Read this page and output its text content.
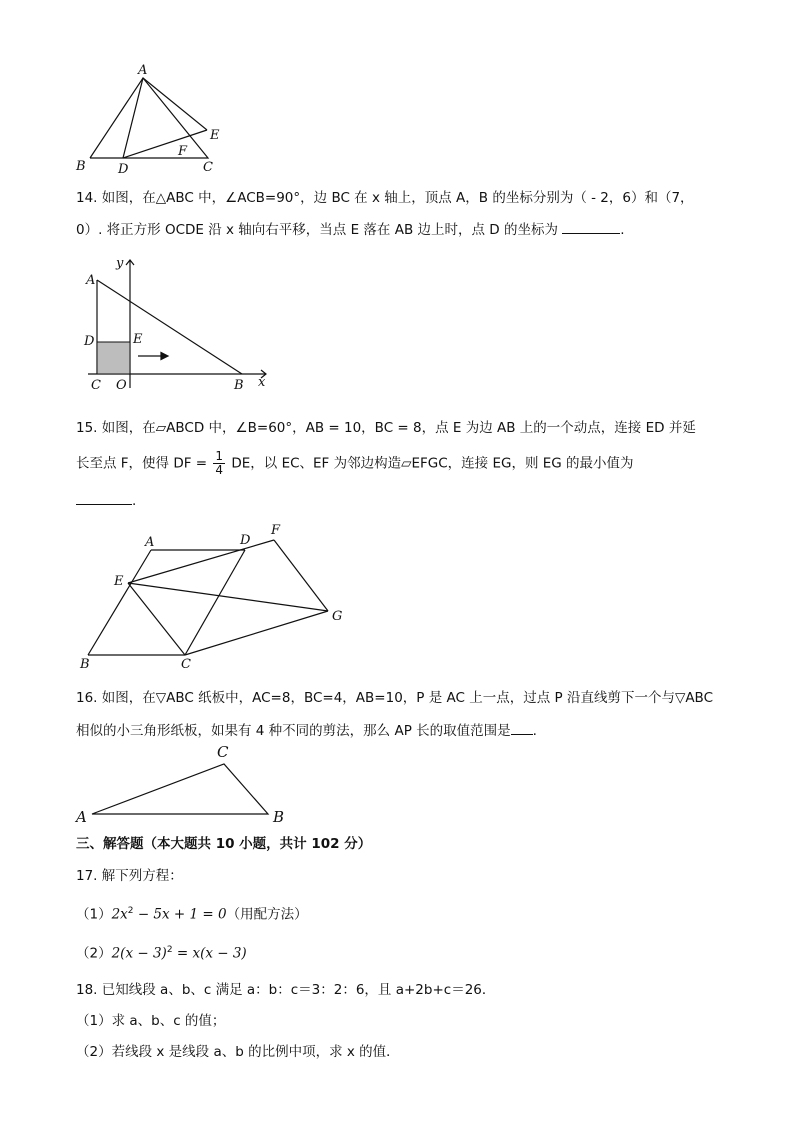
A
B D
F
C
E
14. 如图，在△ABC 中，∠ACB=90°，边 BC 在 x 轴上，顶点 A，B 的坐标分别为（ - 2，6）和（7，
0）. 将正方形 OCDE 沿 x 轴向右平移，当点 E 落在 AB 边上时，点 D 的坐标为	.
y
A
D	E
C O	B x
15. 如图，在▱ABCD 中，∠B=60°，AB = 10，BC = 8，点 E 为边 AB 上的一个动点，连接 ED 并延
长至点 F，使得 DF = $\frac{1}{4}$ DE，以 EC、EF 为邻边构造▱EFGC，连接 EG，则 EG 的最小值为
.
A	D
F
E
G
B	C
16. 如图，在▽ABC 纸板中，AC=8，BC=4，AB=10，P 是 AC 上一点，过点 P 沿直线剪下一个与▽ABC
相似的小三角形纸板，如果有 4 种不同的剪法，那么 AP 长的取值范围是 .
A
C
B
三、解答题（本大题共 10 小题，共计 102 分）
17. 解下列方程：
$(1)2x^2 - 5x + 1 = 0$（用配方法）
$(2)2(x - 3)^2 = x(x - 3)$
18. 已知线段 a、b、c 满足 a：b：c＝3：2：6，且 a+2b+c＝26．
（1）求 a、b、c 的值；
（2）若线段 x 是线段 a、b 的比例中项，求 x 的值．
